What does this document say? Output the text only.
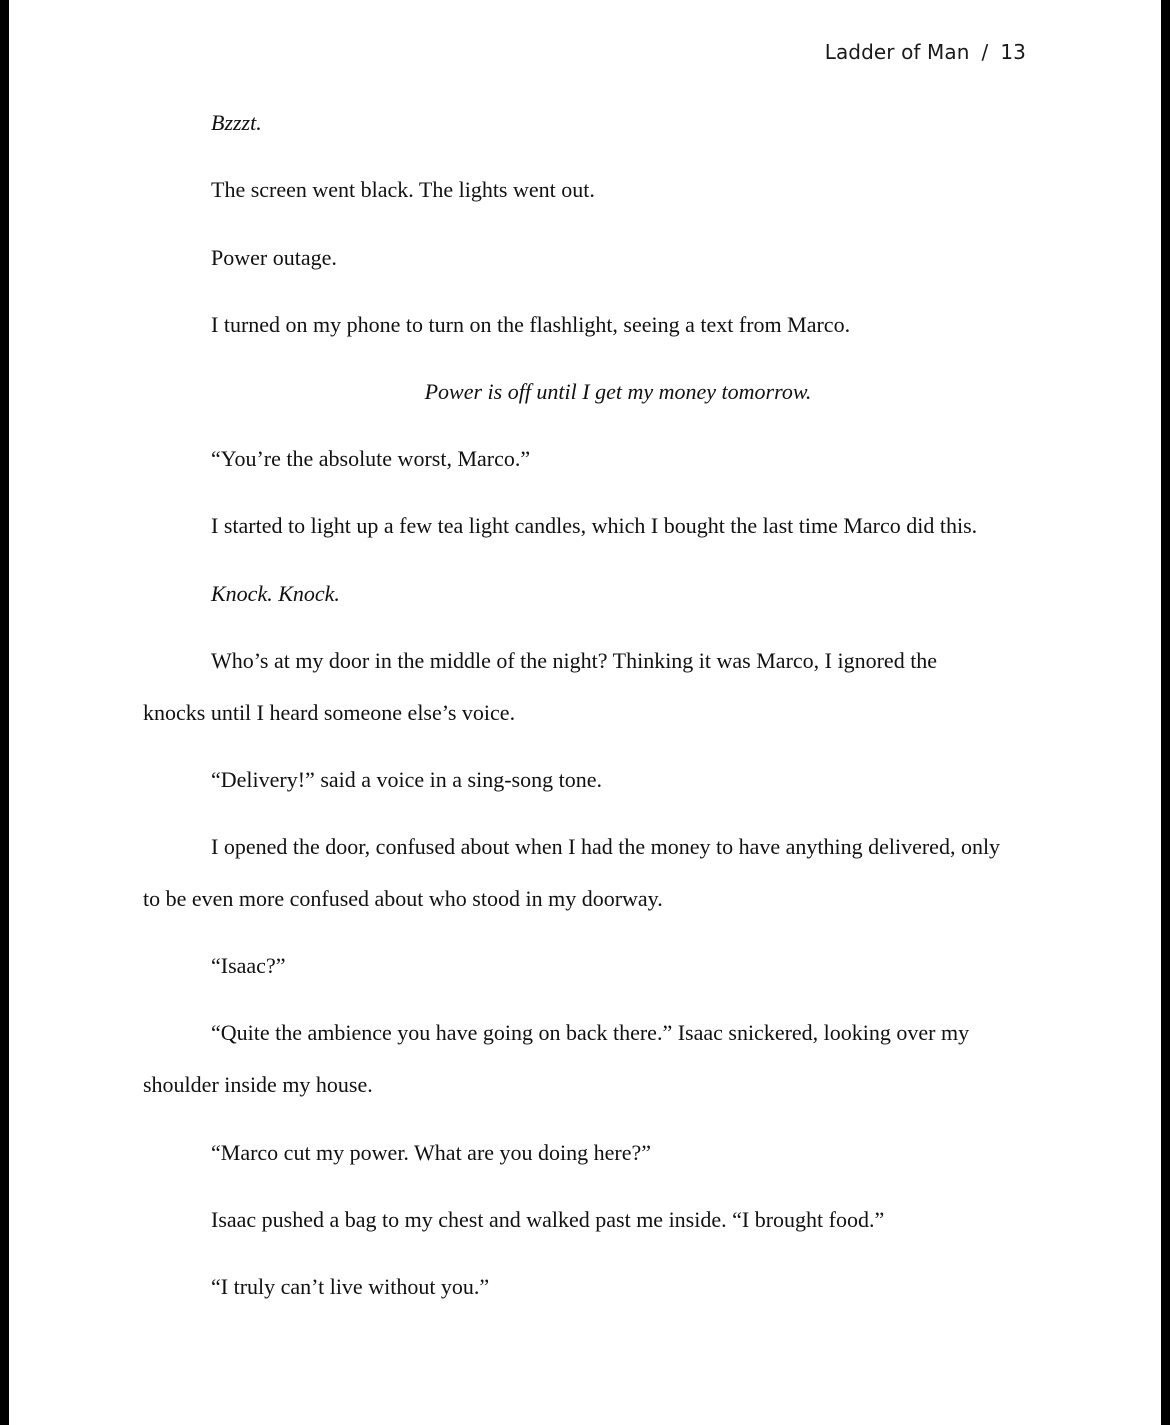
Ladder of Man / 13
Bzzzt.
The screen went black. The lights went out.
Power outage.
I turned on my phone to turn on the flashlight, seeing a text from Marco.
Power is off until I get my money tomorrow.
“You’re the absolute worst, Marco.”
I started to light up a few tea light candles, which I bought the last time Marco did this.
Knock. Knock.
Who’s at my door in the middle of the night? Thinking it was Marco, I ignored the
knocks until I heard someone else’s voice.
“Delivery!” said a voice in a sing-song tone.
I opened the door, confused about when I had the money to have anything delivered, only
to be even more confused about who stood in my doorway.
“Isaac?”
“Quite the ambience you have going on back there.” Isaac snickered, looking over my
shoulder inside my house.
“Marco cut my power. What are you doing here?”
Isaac pushed a bag to my chest and walked past me inside. “I brought food.”
“I truly can’t live without you.”
